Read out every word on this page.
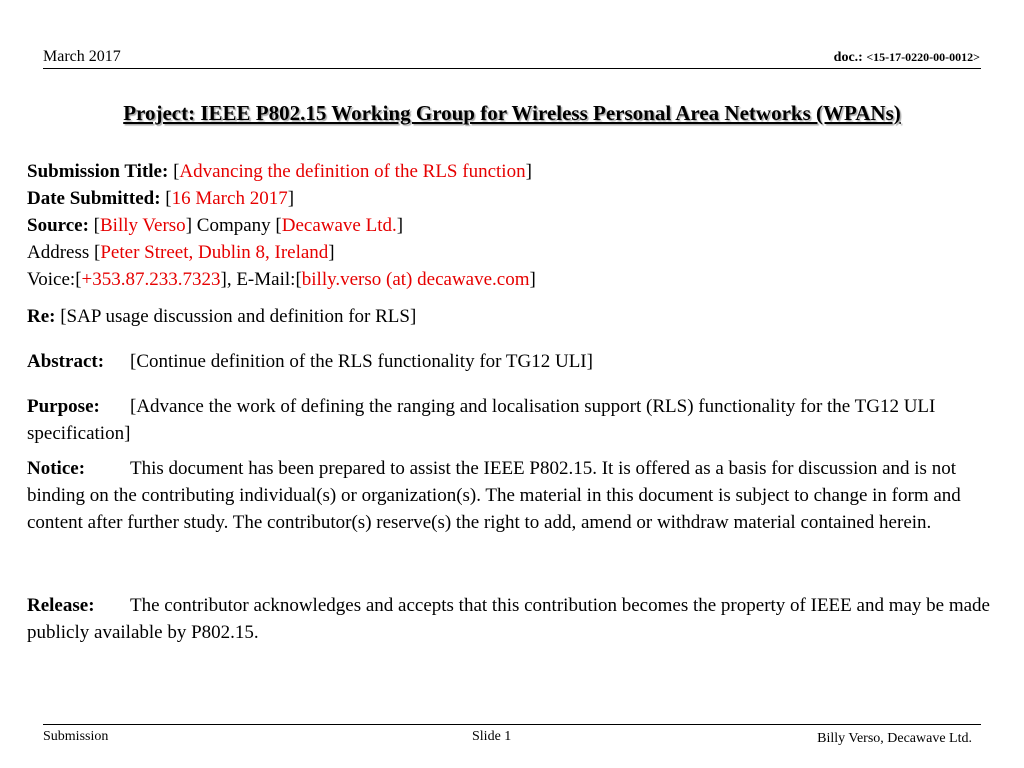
March 2017	doc.: <15-17-0220-00-0012>
Project: IEEE P802.15 Working Group for Wireless Personal Area Networks (WPANs)
Submission Title: [Advancing the definition of the RLS function]
Date Submitted: [16 March 2017]
Source: [Billy Verso] Company [Decawave Ltd.]
Address [Peter Street, Dublin 8, Ireland]
Voice:[+353.87.233.7323], E-Mail:[billy.verso (at) decawave.com]
Re: [SAP usage discussion and definition for RLS]
Abstract: [Continue definition of the RLS functionality for TG12 ULI]
Purpose: [Advance the work of defining the ranging and localisation support (RLS) functionality for the TG12 ULI specification]
Notice: This document has been prepared to assist the IEEE P802.15. It is offered as a basis for discussion and is not binding on the contributing individual(s) or organization(s). The material in this document is subject to change in form and content after further study. The contributor(s) reserve(s) the right to add, amend or withdraw material contained herein.
Release: The contributor acknowledges and accepts that this contribution becomes the property of IEEE and may be made publicly available by P802.15.
Submission	Slide 1	Billy Verso, Decawave Ltd.
